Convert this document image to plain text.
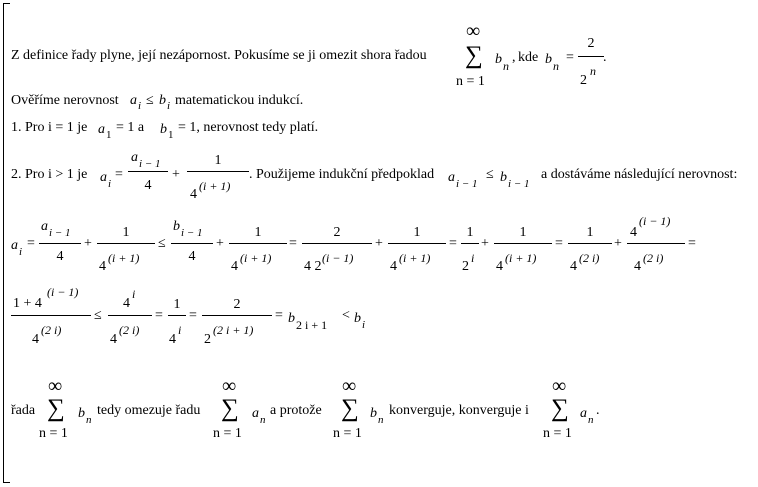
Z definice řady plyne, její nezápornost. Pokusíme se ji omezit shora řadou
∞
∑
n = 1
b n
, kde b n
=
2
2
n
.
Ověříme nerovnost a i ≤ b i matematickou indukcí.
1. Pro i = 1 je a 1 = 1 a b 1 = 1, nerovnost tedy platí.
2. Pro i > 1 je a i
=
a i − 1
4
+
1
4
(i + 1)
. Použijeme indukční předpoklad a i − 1
≤ b i − 1
a dostáváme následující nerovnost:
a i
=
a i − 1
4
+
1
4
(i + 1)
≤
b i − 1
4
+
1
4
(i + 1)
=
2
4 2
(i − 1)
+
1
4
(i + 1)
=
1
2
i
+
1
4
(i + 1)
=
1
4
(2 i)
+
4
(i − 1)
4
(2 i)
=
1 + 4
(i − 1)
4
(2 i)
≤
4
i
4
(2 i)
=
1
4
i
=
2
2
(2 i + 1)
= b 2 i + 1
< b i
řada
∞
∑
n = 1
b n
tedy omezuje řadu
∞
∑
n = 1
a n
a protože
∞
∑
n = 1
b n
konverguje, konverguje i
∞
∑
n = 1
a n
.
